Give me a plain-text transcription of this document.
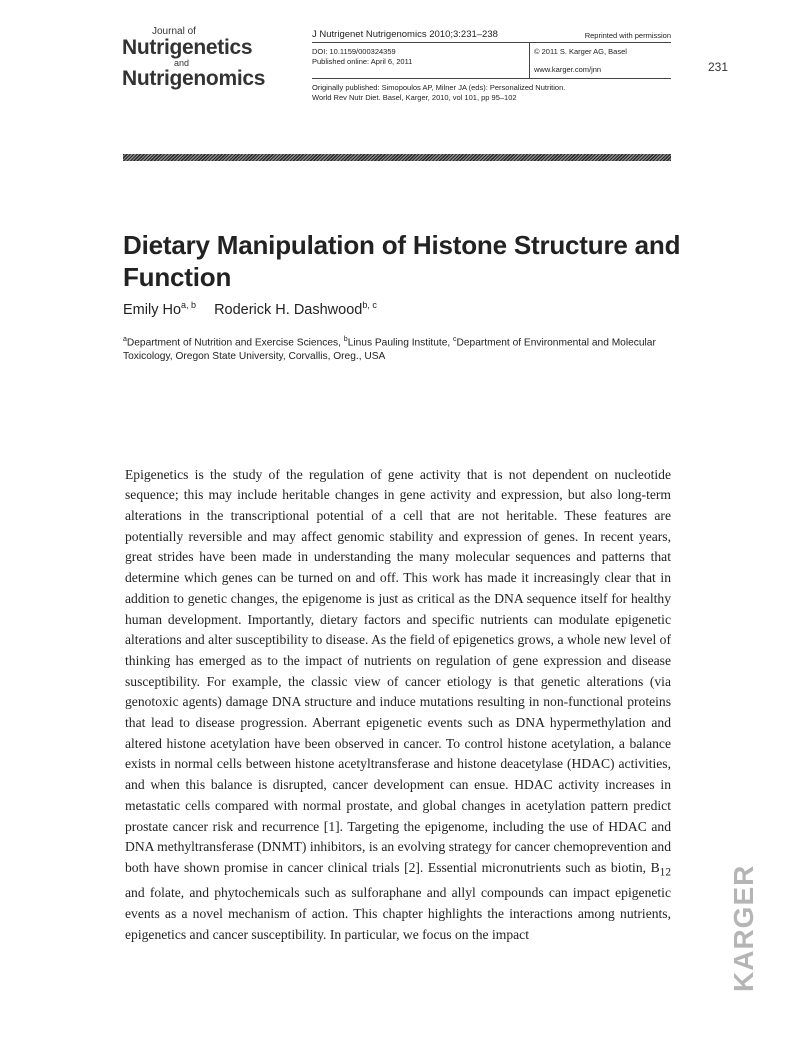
Journal of
Nutrigenetics
and
Nutrigenomics
J Nutrigenet Nutrigenomics 2010;3:231–238	Reprinted with permission
DOI: 10.1159/000324359
Published online: April 6, 2011
© 2011 S. Karger AG, Basel
www.karger.com/jnn
Originally published: Simopoulos AP, Milner JA (eds): Personalized Nutrition.
World Rev Nutr Diet. Basel, Karger, 2010, vol 101, pp 95–102
231
Dietary Manipulation of Histone Structure and Function
Emily Ho$^{a, b}$ Roderick H. Dashwood$^{b, c}$
$^a$Department of Nutrition and Exercise Sciences, $^b$Linus Pauling Institute, $^c$Department of Environmental and Molecular Toxicology, Oregon State University, Corvallis, Oreg., USA

Epigenetics is the study of the regulation of gene activity that is not dependent on nucleotide sequence; this may include heritable changes in gene activity and expression, but also long-term alterations in the transcriptional potential of a cell that are not heritable. These features are potentially reversible and may affect genomic stability and expression of genes. In recent years, great strides have been made in understanding the many molecular sequences and patterns that determine which genes can be turned on and off. This work has made it increasingly clear that in addition to genetic changes, the epigenome is just as critical as the DNA sequence itself for healthy human development. Importantly, dietary factors and specific nutrients can modulate epigenetic alterations and alter susceptibility to disease. As the field of epigenetics grows, a whole new level of thinking has emerged as to the impact of nutrients on regulation of gene expression and disease susceptibility. For example, the classic view of cancer etiology is that genetic alterations (via genotoxic agents) damage DNA structure and induce mutations resulting in non-functional proteins that lead to disease progression. Aberrant epigenetic events such as DNA hypermethylation and altered histone acetylation have been observed in cancer. To control histone acetylation, a balance exists in normal cells between histone acetyltransferase and histone deacetylase (HDAC) activities, and when this balance is disrupted, cancer development can ensue. HDAC activity increases in metastatic cells compared with normal prostate, and global changes in acetylation pattern predict prostate cancer risk and recurrence [1]. Targeting the epigenome, including the use of HDAC and DNA methyltransferase (DNMT) inhibitors, is an evolving strategy for cancer chemoprevention and both have shown promise in cancer clinical trials [2]. Essential micronutrients such as biotin, $B_{12}$ and folate, and phytochemicals such as sulforaphane and allyl compounds can impact epigenetic events as a novel mechanism of action. This chapter highlights the interactions among nutrients, epigenetics and cancer susceptibility. In particular, we focus on the impact	KARGER
